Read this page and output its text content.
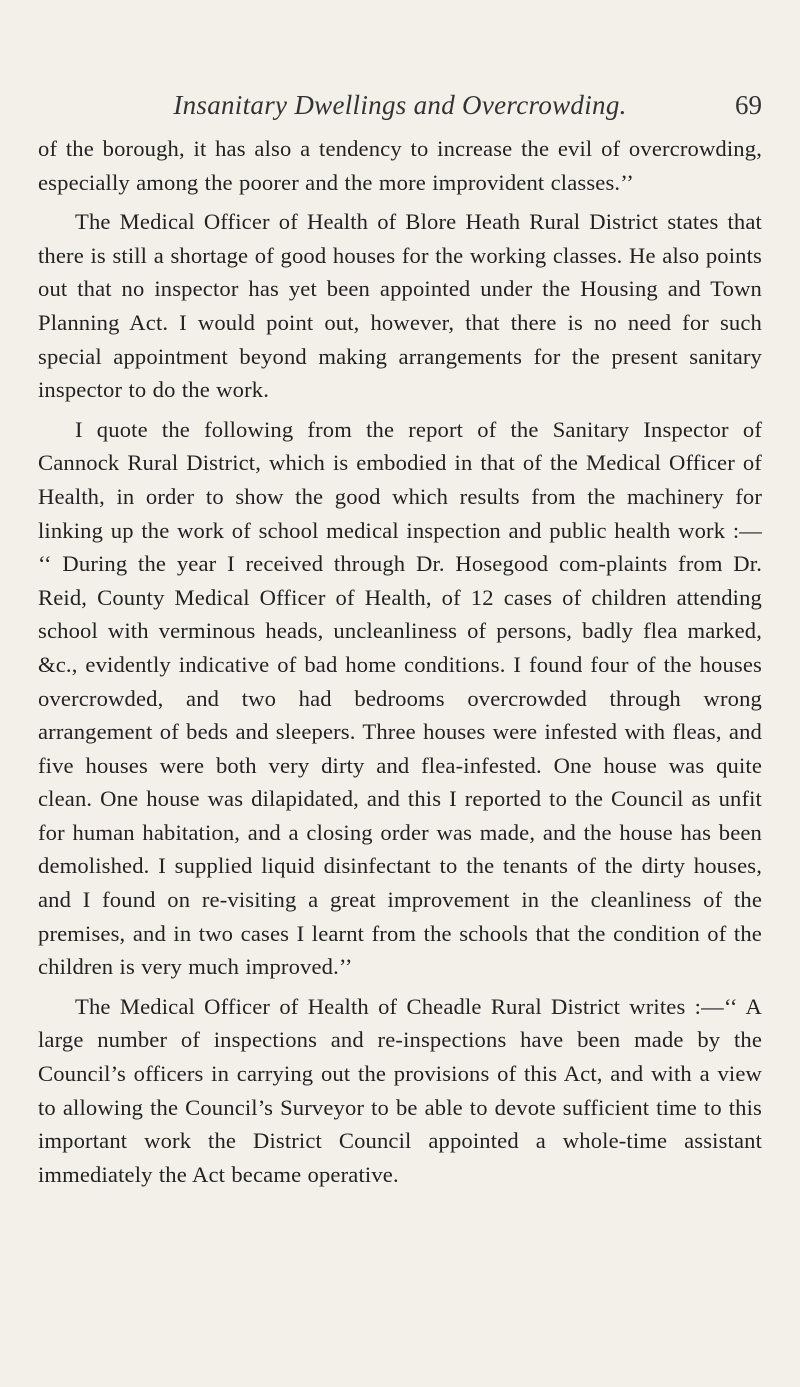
Insanitary Dwellings and Overcrowding.	69

of the borough, it has also a tendency to increase the evil of overcrowding, especially among the poorer and the more improvident classes.’’

The Medical Officer of Health of Blore Heath Rural District states that there is still a shortage of good houses for the working classes. He also points out that no inspector has yet been appointed under the Housing and Town Planning Act. I would point out, however, that there is no need for such special appointment beyond making arrangements for the present sanitary inspector to do the work.

I quote the following from the report of the Sanitary Inspector of Cannock Rural District, which is embodied in that of the Medical Officer of Health, in order to show the good which results from the machinery for linking up the work of school medical inspection and public health work :— ‘‘ During the year I received through Dr. Hosegood com-plaints from Dr. Reid, County Medical Officer of Health, of 12 cases of children attending school with verminous heads, uncleanliness of persons, badly flea marked, &c., evidently indicative of bad home conditions. I found four of the houses overcrowded, and two had bedrooms overcrowded through wrong arrangement of beds and sleepers. Three houses were infested with fleas, and five houses were both very dirty and flea-infested. One house was quite clean. One house was dilapidated, and this I reported to the Council as unfit for human habitation, and a closing order was made, and the house has been demolished. I supplied liquid disinfectant to the tenants of the dirty houses, and I found on re-visiting a great improvement in the cleanliness of the premises, and in two cases I learnt from the schools that the condition of the children is very much improved.’’

The Medical Officer of Health of Cheadle Rural District writes :—‘‘ A large number of inspections and re-inspections have been made by the Council’s officers in carrying out the provisions of this Act, and with a view to allowing the Council’s Surveyor to be able to devote sufficient time to this important work the District Council appointed a whole-time assistant immediately the Act became operative.
